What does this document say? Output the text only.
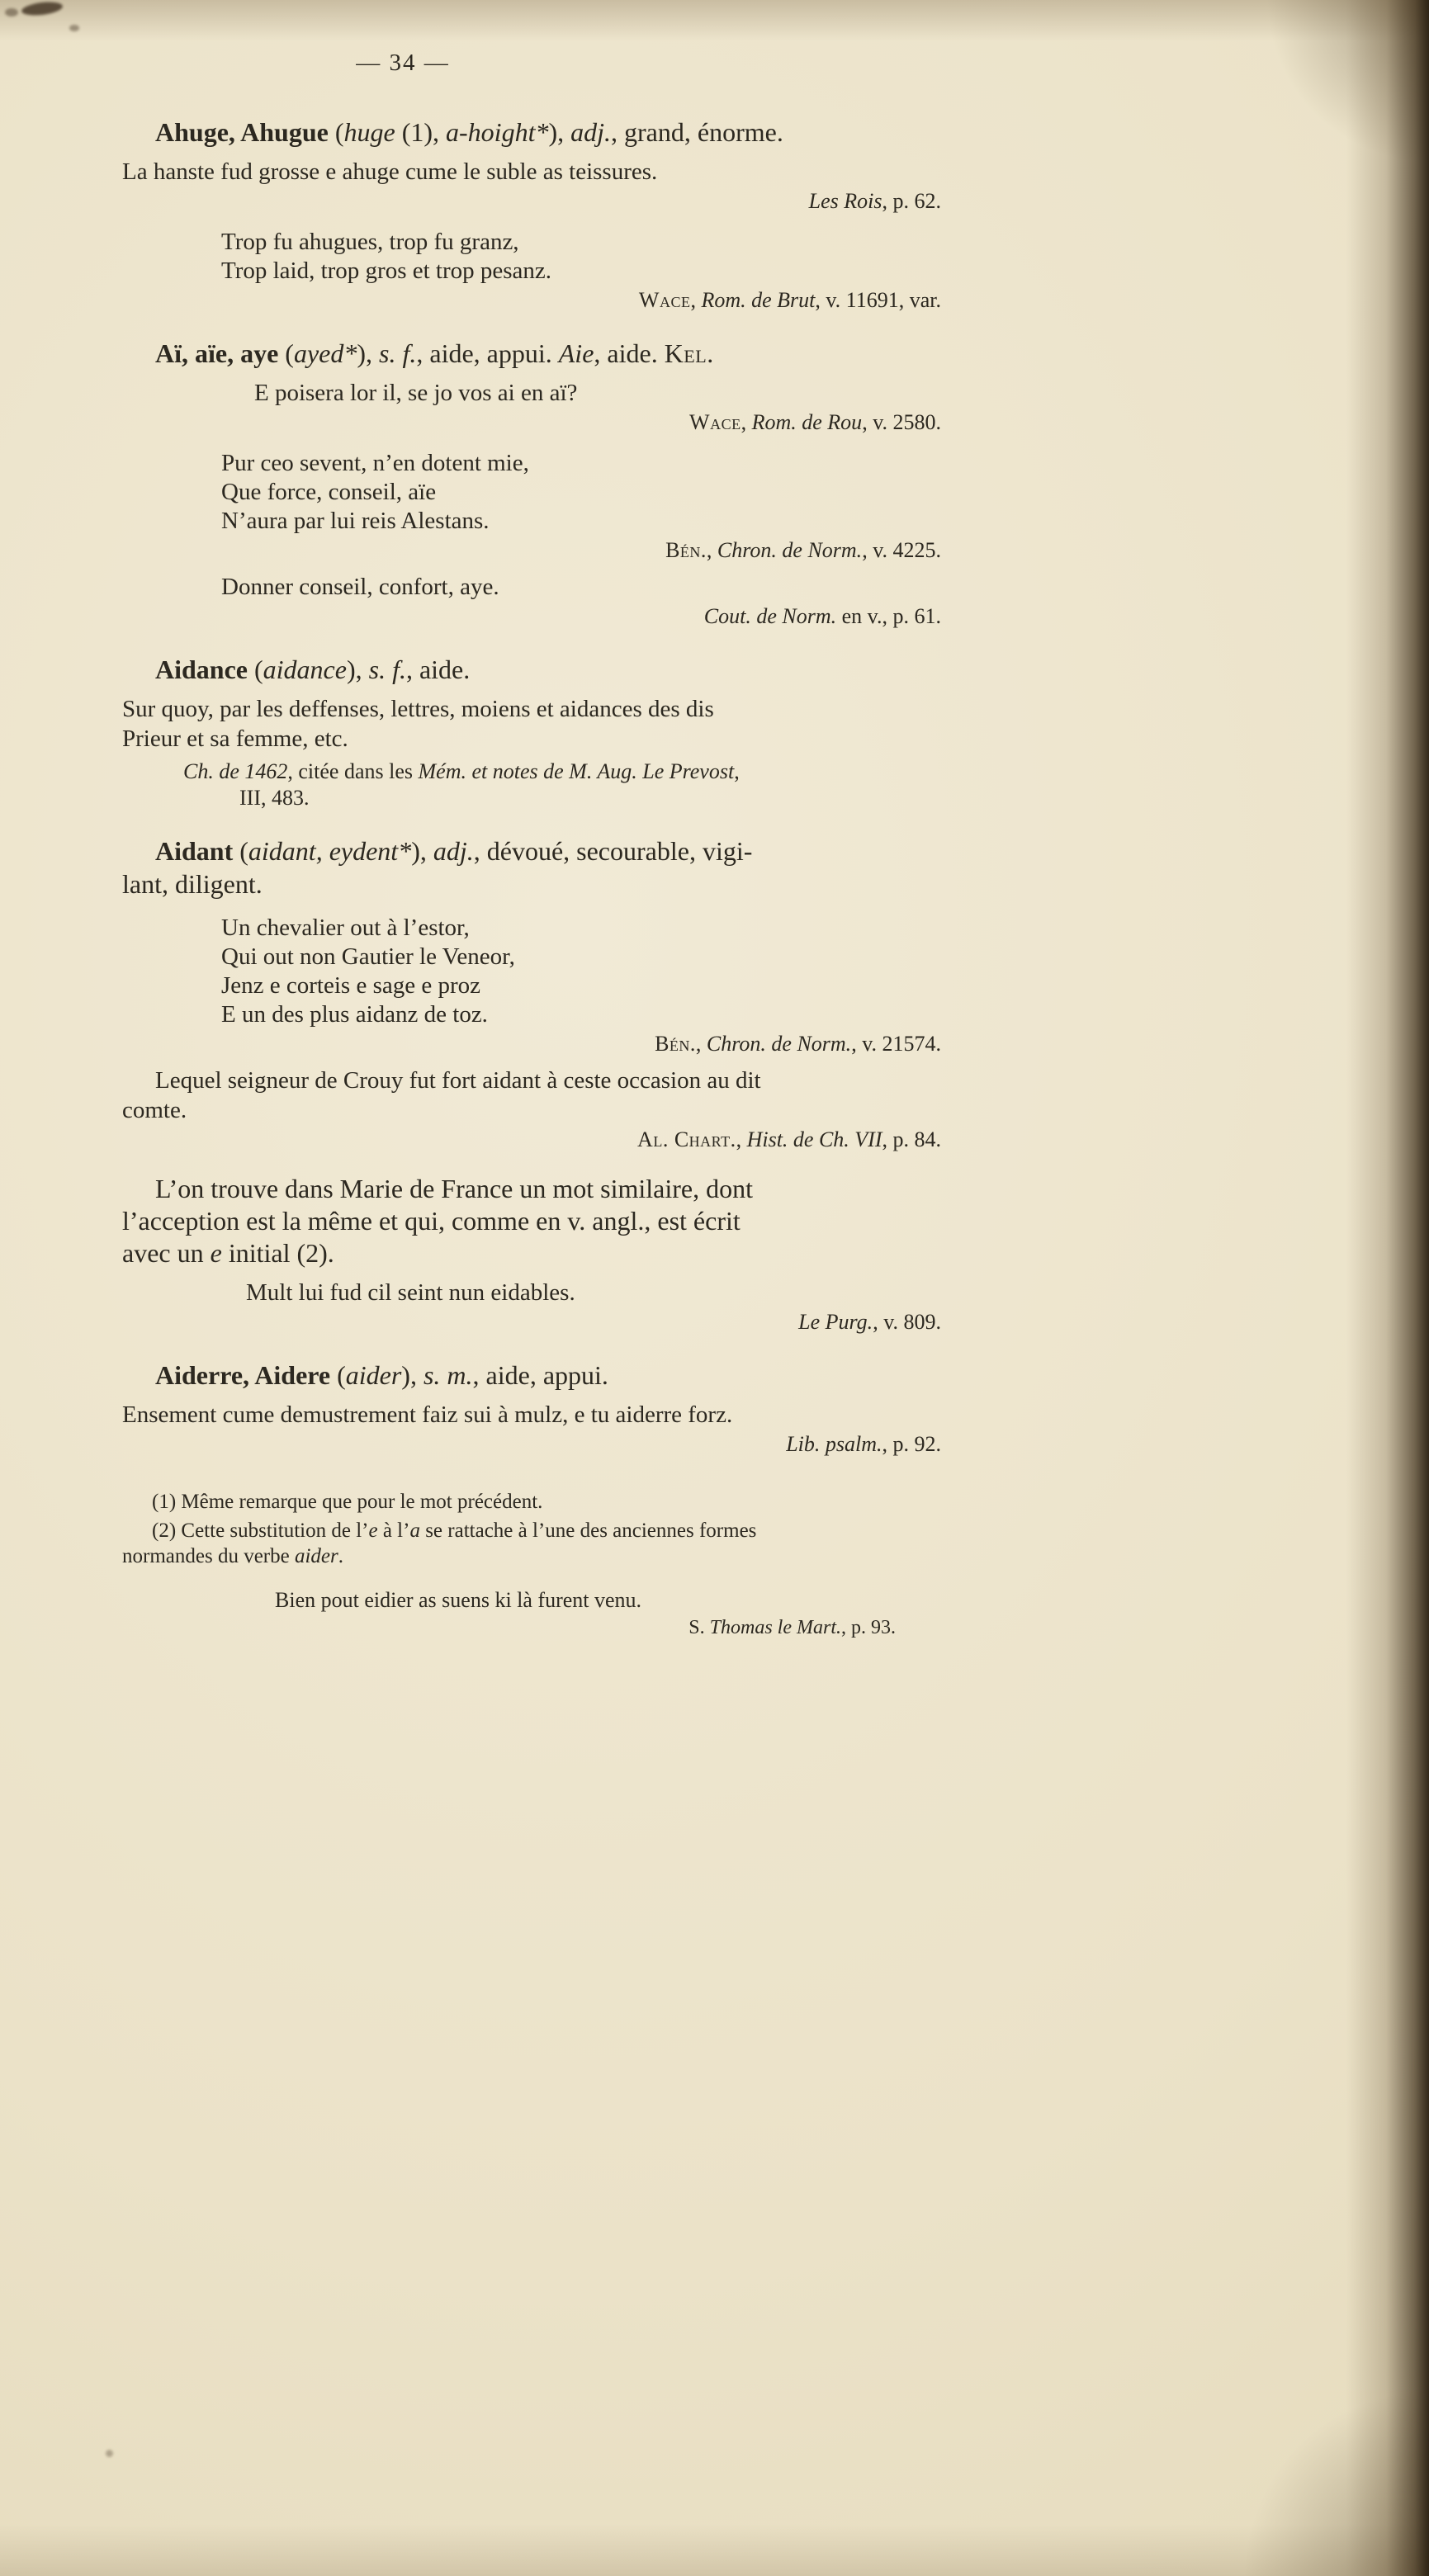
— 34 —

Ahuge, Ahugue (huge (1), a-hoight*), adj., grand, énorme.

La hanste fud grosse e ahuge cume le suble as teissures.

Les Rois, p. 62.

Trop fu ahugues, trop fu granz,
Trop laid, trop gros et trop pesanz.

Wace, Rom. de Brut, v. 11691, var.

Aï, aïe, aye (ayed*), s. f., aide, appui. Aie, aide. Kel.

E poisera lor il, se jo vos ai en aï?

Wace, Rom. de Rou, v. 2580.

Pur ceo sevent, n’en dotent mie,
Que force, conseil, aïe
N’aura par lui reis Alestans.

Bén., Chron. de Norm., v. 4225.

Donner conseil, confort, aye.

Cout. de Norm. en v., p. 61.

Aidance (aidance), s. f., aide.

Sur quoy, par les deffenses, lettres, moiens et aidances des dis
Prieur et sa femme, etc.

Ch. de 1462, citée dans les Mém. et notes de M. Aug. Le Prevost,
III, 483.

Aidant (aidant, eydent*), adj., dévoué, secourable, vigi-
lant, diligent.

Un chevalier out à l’estor,
Qui out non Gautier le Veneor,
Jenz e corteis e sage e proz
E un des plus aidanz de toz.

Bén., Chron. de Norm., v. 21574.

Lequel seigneur de Crouy fut fort aidant à ceste occasion au dit
comte.

Al. Chart., Hist. de Ch. VII, p. 84.

L’on trouve dans Marie de France un mot similaire, dont
l’acception est la même et qui, comme en v. angl., est écrit
avec un e initial (2).

Mult lui fud cil seint nun eidables.

Le Purg., v. 809.

Aiderre, Aidere (aider), s. m., aide, appui.

Ensement cume demustrement faiz sui à mulz, e tu aiderre forz.

Lib. psalm., p. 92.

(1) Même remarque que pour le mot précédent.

(2) Cette substitution de l’e à l’a se rattache à l’une des anciennes formes
normandes du verbe aider.

Bien pout eidier as suens ki là furent venu.

S. Thomas le Mart., p. 93.
